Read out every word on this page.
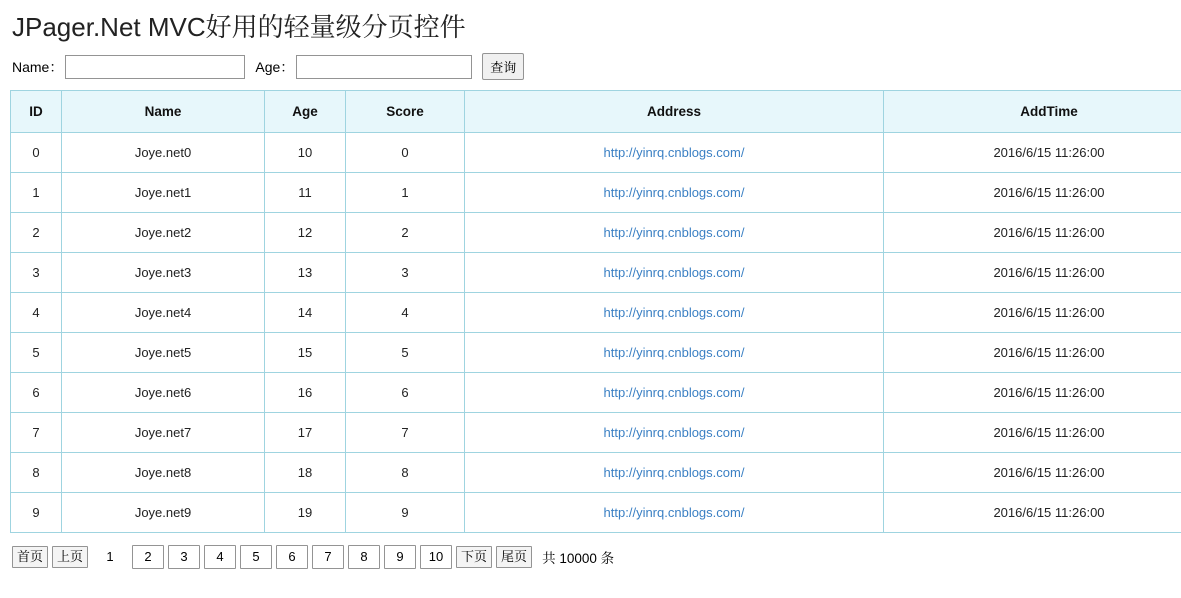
JPager.Net MVC好用的轻量级分页控件
Name：	Age：	查询
ID	Name	Age	Score	Address	AddTime
0	Joye.net0	10	0	http://yinrq.cnblogs.com/	2016/6/15 11:26:00
1	Joye.net1	11	1	http://yinrq.cnblogs.com/	2016/6/15 11:26:00
2	Joye.net2	12	2	http://yinrq.cnblogs.com/	2016/6/15 11:26:00
3	Joye.net3	13	3	http://yinrq.cnblogs.com/	2016/6/15 11:26:00
4	Joye.net4	14	4	http://yinrq.cnblogs.com/	2016/6/15 11:26:00
5	Joye.net5	15	5	http://yinrq.cnblogs.com/	2016/6/15 11:26:00
6	Joye.net6	16	6	http://yinrq.cnblogs.com/	2016/6/15 11:26:00
7	Joye.net7	17	7	http://yinrq.cnblogs.com/	2016/6/15 11:26:00
8	Joye.net8	18	8	http://yinrq.cnblogs.com/	2016/6/15 11:26:00
9	Joye.net9	19	9	http://yinrq.cnblogs.com/	2016/6/15 11:26:00
首页	上页	1	2	3	4	5	6	7	8	9	10	下页	尾页	共 10000 条
